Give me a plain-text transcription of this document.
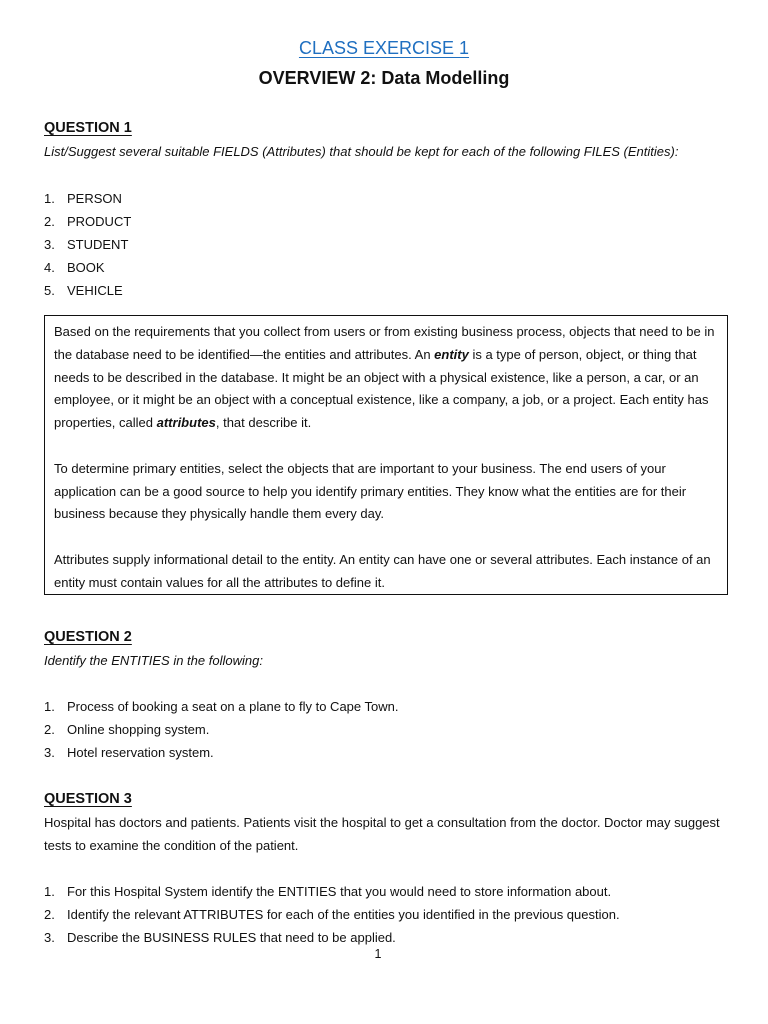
CLASS EXERCISE 1
OVERVIEW 2: Data Modelling

QUESTION 1

List/Suggest several suitable FIELDS (Attributes) that should be kept for each of the following FILES (Entities):

1. PERSON
2. PRODUCT
3. STUDENT
4. BOOK
5. VEHICLE

Based on the requirements that you collect from users or from existing business process, objects that need to be in the database need to be identified—the entities and attributes. An entity is a type of person, object, or thing that needs to be described in the database. It might be an object with a physical existence, like a person, a car, or an employee, or it might be an object with a conceptual existence, like a company, a job, or a project. Each entity has properties, called attributes, that describe it.

To determine primary entities, select the objects that are important to your business. The end users of your application can be a good source to help you identify primary entities. They know what the entities are for their business because they physically handle them every day.

Attributes supply informational detail to the entity. An entity can have one or several attributes. Each instance of an entity must contain values for all the attributes to define it.

QUESTION 2

Identify the ENTITIES in the following:

1. Process of booking a seat on a plane to fly to Cape Town.
2. Online shopping system.
3. Hotel reservation system.

QUESTION 3

Hospital has doctors and patients. Patients visit the hospital to get a consultation from the doctor. Doctor may suggest tests to examine the condition of the patient.

1. For this Hospital System identify the ENTITIES that you would need to store information about.
2. Identify the relevant ATTRIBUTES for each of the entities you identified in the previous question.
3. Describe the BUSINESS RULES that need to be applied.
1
